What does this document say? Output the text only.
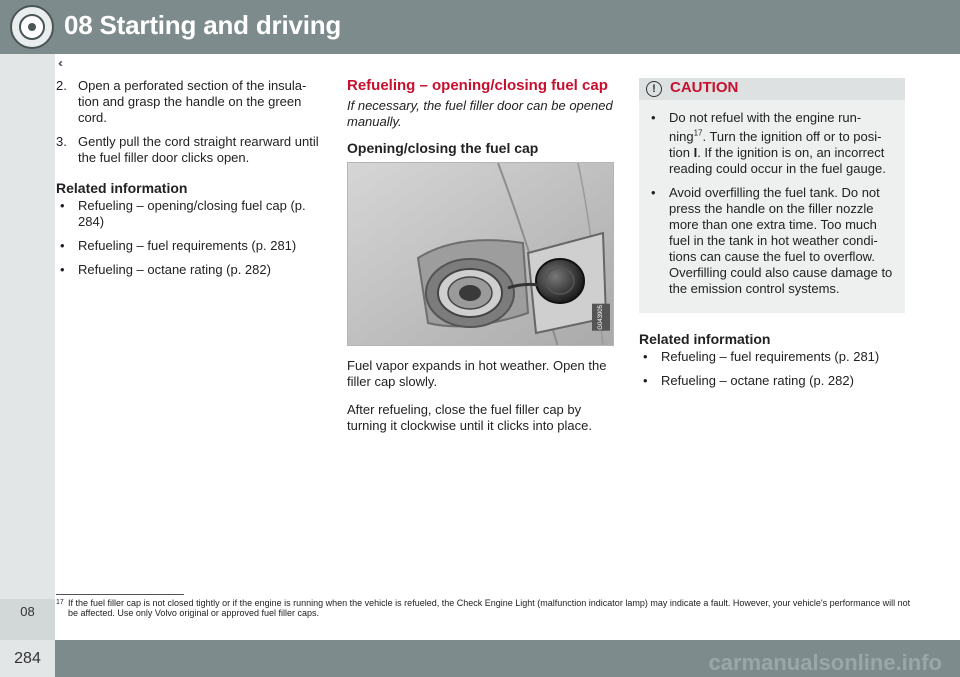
08 Starting and driving
‹‹
08
2. Open a perforated section of the insula-tion and grasp the handle on the green cord.
3. Gently pull the cord straight rearward until the fuel filler door clicks open.
Related information
• Refueling – opening/closing fuel cap (p. 284)
• Refueling – fuel requirements (p. 281)
• Refueling – octane rating (p. 282)
Refueling – opening/closing fuel cap
If necessary, the fuel filler door can be opened manually.
Opening/closing the fuel cap
G043905
Fuel vapor expands in hot weather. Open the filler cap slowly.
After refueling, close the fuel filler cap by turning it clockwise until it clicks into place.
! CAUTION
• Do not refuel with the engine run-ning$^{17}$. Turn the ignition off or to posi-tion I. If the ignition is on, an incorrect reading could occur in the fuel gauge.
• Avoid overfilling the fuel tank. Do not press the handle on the filler nozzle more than one extra time. Too much fuel in the tank in hot weather condi-tions can cause the fuel to overflow. Overfilling could also cause damage to the emission control systems.
Related information
• Refueling – fuel requirements (p. 281)
• Refueling – octane rating (p. 282)
17 If the fuel filler cap is not closed tightly or if the engine is running when the vehicle is refueled, the Check Engine Light (malfunction indicator lamp) may indicate a fault. However, your vehicle's performance will not be affected. Use only Volvo original or approved fuel filler caps.
284	carmanualsonline.info
